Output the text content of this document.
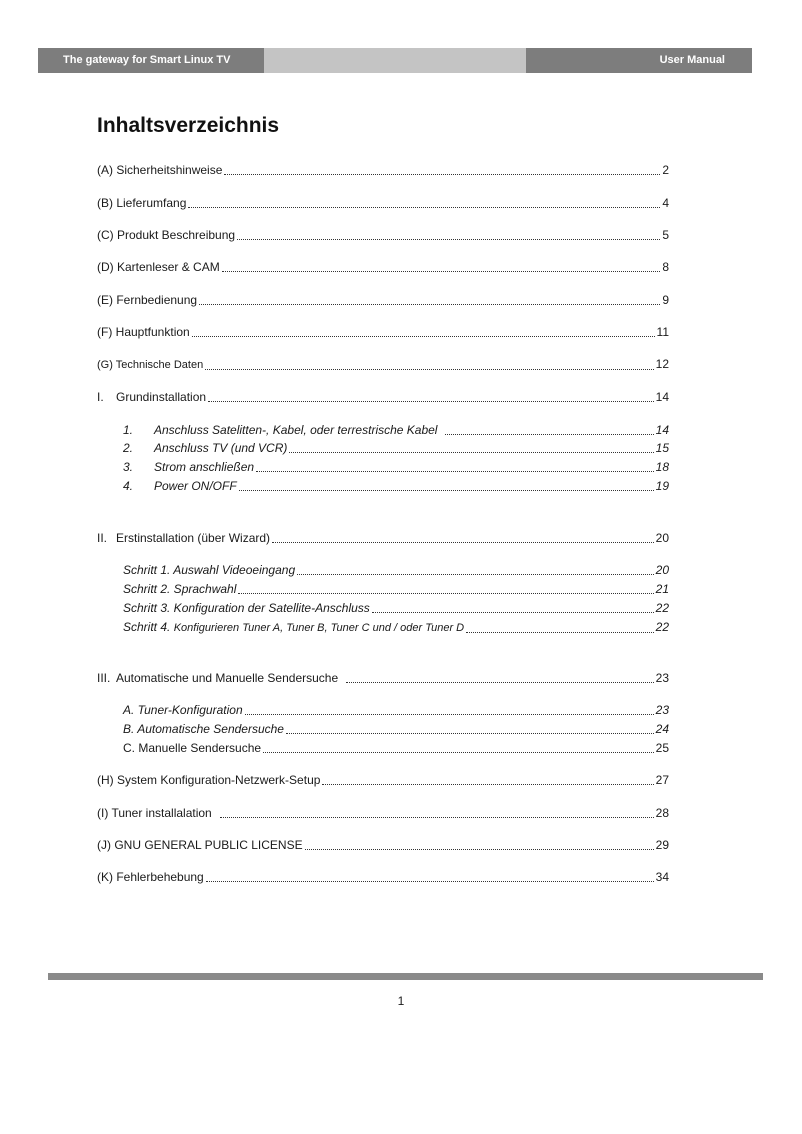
The gateway for Smart Linux TV	User Manual
Inhaltsverzeichnis
(A) Sicherheitshinweise	2
(B) Lieferumfang	4
(C) Produkt Beschreibung	5
(D) Kartenleser & CAM	8
(E) Fernbedienung	9
(F) Hauptfunktion	11
(G) Technische Daten	12
I. Grundinstallation	14
1. Anschluss Satelitten-, Kabel, oder terrestrische Kabel	14
2. Anschluss TV (und VCR)	15
3. Strom anschließen	18
4. Power ON/OFF	19
II. Erstinstallation (über Wizard)	20
Schritt 1. Auswahl Videoeingang	20
Schritt 2. Sprachwahl	21
Schritt 3. Konfiguration der Satellite-Anschluss	22
Schritt 4. Konfigurieren Tuner A, Tuner B, Tuner C und / oder Tuner D	22
III. Automatische und Manuelle Sendersuche	23
A. Tuner-Konfiguration	23
B. Automatische Sendersuche	24
C. Manuelle Sendersuche	25
(H) System Konfiguration-Netzwerk-Setup	27
(I) Tuner installalation	28
(J) GNU GENERAL PUBLIC LICENSE	29
(K) Fehlerbehebung	34
1
